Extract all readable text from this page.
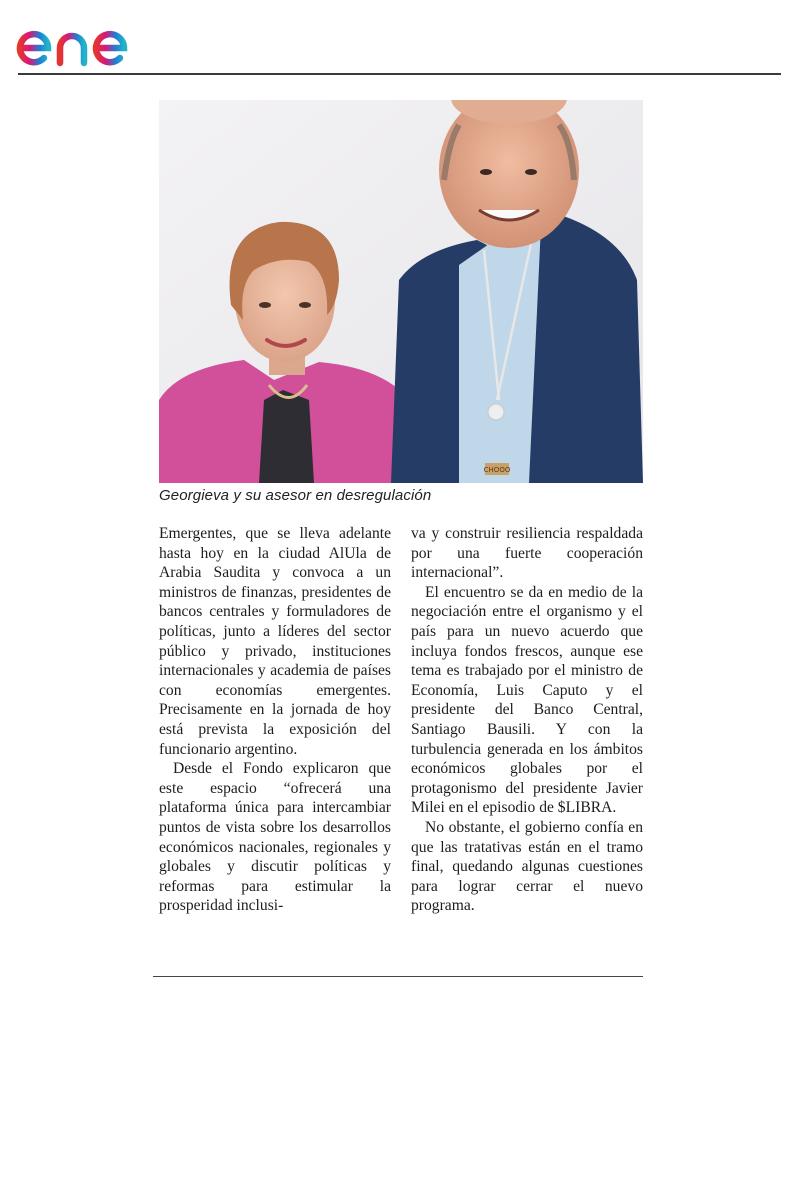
CHOOO
Georgieva y su asesor en desregulación

Emergentes, que se lleva adelante hasta hoy en la ciudad AlUla de Arabia Saudita y convoca a un ministros de finanzas, presidentes de bancos centrales y formuladores de políticas, junto a líderes del sector público y privado, instituciones internacionales y academia de países con economías emergentes. Precisamente en la jornada de hoy está prevista la exposición del funcionario argentino.

Desde el Fondo explicaron que este espacio “ofrecerá una plataforma única para intercambiar puntos de vista sobre los desarrollos económicos nacionales, regionales y globales y discutir políticas y reformas para estimular la prosperidad inclusi-

va y construir resiliencia respaldada por una fuerte cooperación internacional”.

El encuentro se da en medio de la negociación entre el organismo y el país para un nuevo acuerdo que incluya fondos frescos, aunque ese tema es trabajado por el ministro de Economía, Luis Caputo y el presidente del Banco Central, Santiago Bausili. Y con la turbulencia generada en los ámbitos económicos globales por el protagonismo del presidente Javier Milei en el episodio de $LIBRA.

No obstante, el gobierno confía en que las tratativas están en el tramo final, quedando algunas cuestiones para lograr cerrar el nuevo programa.
